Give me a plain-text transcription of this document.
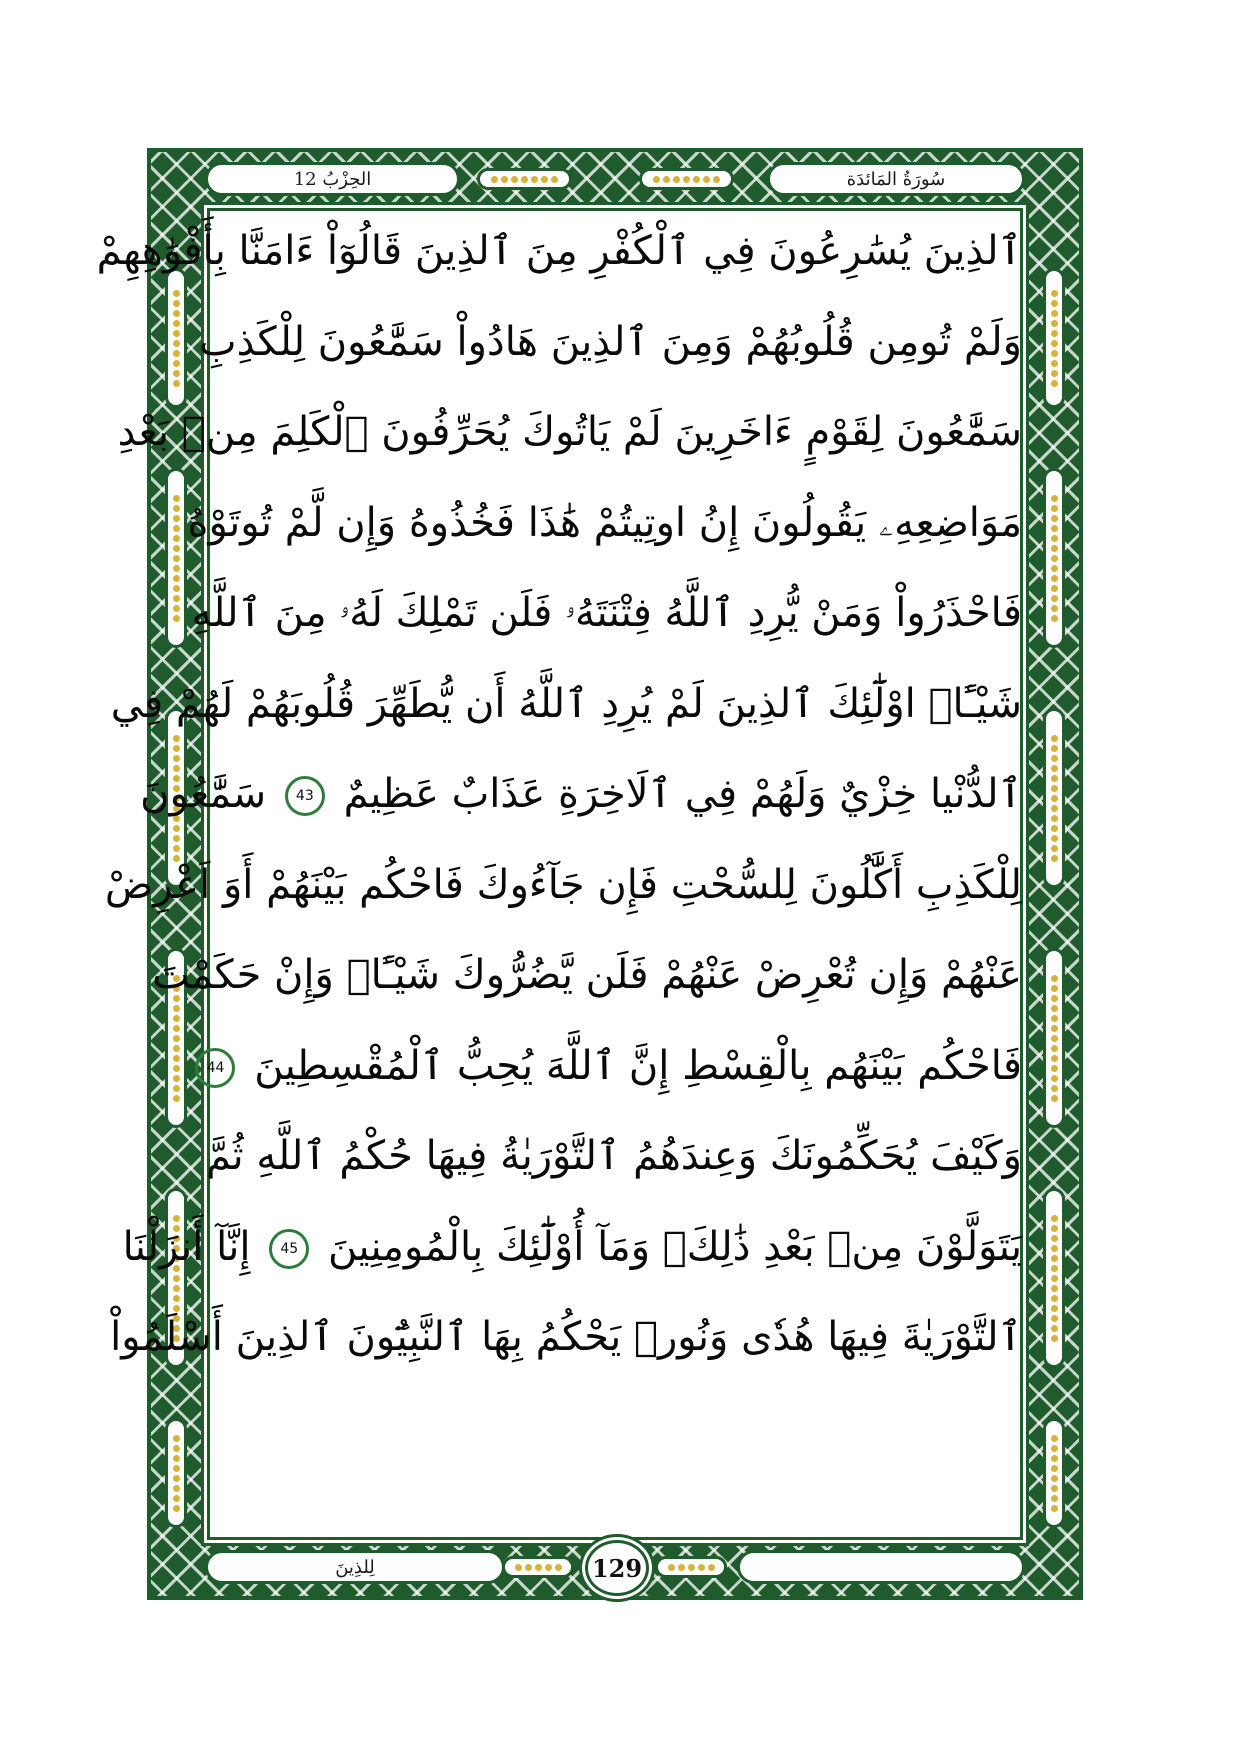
الحِزْبُ 12	سُورَةُ المَائدَة
لِلذِينَ	129
ٱلذِينَ يُسَٰرِعُونَ فِي ٱلْكُفْرِ مِنَ ٱلذِينَ قَالُوٓاْ ءَامَنَّا بِأَفْوَٰهِهِمْ
وَلَمْ تُومِن قُلُوبُهُمْ وَمِنَ ٱلذِينَ هَادُواْ سَمَّٰعُونَ لِلْكَذِبِ
سَمَّٰعُونَ لِقَوْمٍ ءَاخَرِينَ لَمْ يَاتُوكَ يُحَرِّفُونَ ٱلْكَلِمَ مِنۢ بَعْدِ
مَوَاضِعِهِۦ يَقُولُونَ إِنُ اوتِيتُمْ هَٰذَا فَخُذُوهُ وَإِن لَّمْ تُوتَوْهُ
فَاحْذَرُواْ وَمَنْ يُّرِدِ ٱللَّهُ فِتْنَتَهُۥ فَلَن تَمْلِكَ لَهُۥ مِنَ ٱللَّهِ
شَيْـًٔاۖ اوْلَٰٓئِكَ ٱلذِينَ لَمْ يُرِدِ ٱللَّهُ أَن يُّطَهِّرَ قُلُوبَهُمْ لَهُمْ فِي
ٱلدُّنْيا خِزْيٌ وَلَهُمْ فِي ٱلَاخِرَةِ عَذَابٌ عَظِيمٌ 43 سَمَّٰعُونَ
لِلْكَذِبِ أَكَّٰلُونَ لِلسُّحْتِ فَإِن جَآءُوكَ فَاحْكُم بَيْنَهُمْ أَوَ اَعْرِضْ
عَنْهُمْ وَإِن تُعْرِضْ عَنْهُمْ فَلَن يَّضُرُّوكَ شَيْـًٔاۖ وَإِنْ حَكَمْتَ
فَاحْكُم بَيْنَهُم بِالْقِسْطِ إِنَّ ٱللَّهَ يُحِبُّ ٱلْمُقْسِطِينَ 44
وَكَيْفَ يُحَكِّمُونَكَ وَعِندَهُمُ ٱلتَّوْرَيٰةُ فِيهَا حُكْمُ ٱللَّهِ ثُمَّ
يَتَوَلَّوْنَ مِنۢ بَعْدِ ذَٰلِكَۖ وَمَآ أُوْلَٰٓئِكَ بِالْمُومِنِينَ 45 إِنَّآ أَنزَلْنَا
ٱلتَّوْرَيٰةَ فِيهَا هُدٗى وَنُورٞ يَحْكُمُ بِهَا ٱلنَّبِيُٓونَ ٱلذِينَ أَسْلَمُواْ
